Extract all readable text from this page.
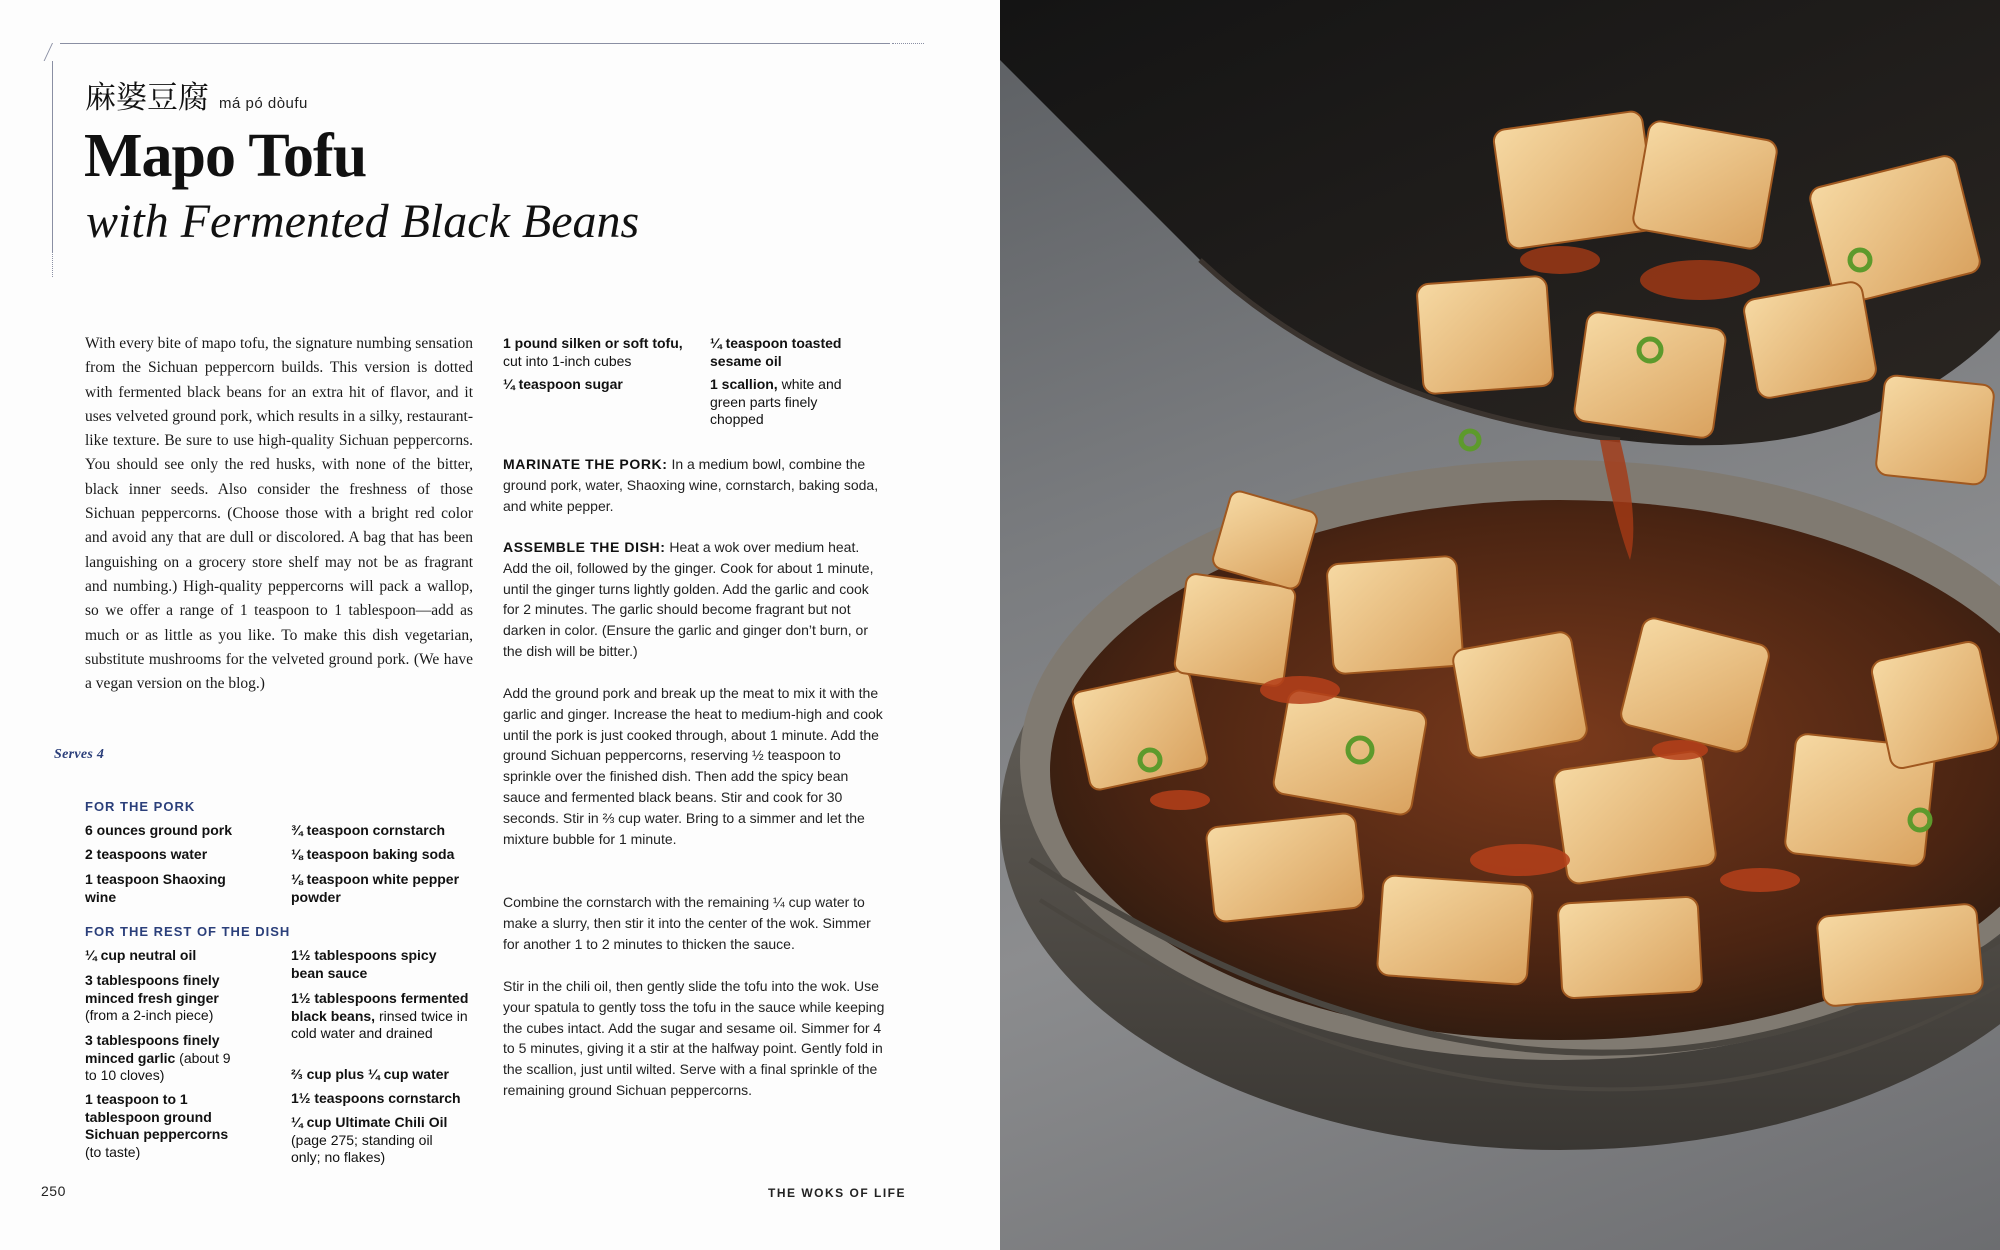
麻婆豆腐 má pó dòufu
Mapo Tofu
with Fermented Black Beans

With every bite of mapo tofu, the signature numbing sensation from the Sichuan peppercorn builds. This version is dotted with fermented black beans for an extra hit of flavor, and it uses velveted ground pork, which results in a silky, restaurant-like texture. Be sure to use high-quality Sichuan peppercorns. You should see only the red husks, with none of the bitter, black inner seeds. Also consider the freshness of those Sichuan peppercorns. (Choose those with a bright red color and avoid any that are dull or discolored. A bag that has been languishing on a grocery store shelf may not be as fragrant and numbing.) High-quality peppercorns will pack a wallop, so we offer a range of 1 teaspoon to 1 tablespoon—add as much or as little as you like. To make this dish vegetarian, substitute mushrooms for the velveted ground pork. (We have a vegan version on the blog.)

Serves 4
FOR THE PORK
6 ounces ground pork
2 teaspoons water
1 teaspoon Shaoxing wine
¾ teaspoon cornstarch
⅛ teaspoon baking soda
⅛ teaspoon white pepper powder
FOR THE REST OF THE DISH
¼ cup neutral oil
3 tablespoons finely minced fresh ginger (from a 2-inch piece)
3 tablespoons finely minced garlic (about 9 to 10 cloves)
1 teaspoon to 1 tablespoon ground Sichuan peppercorns (to taste)
1½ tablespoons spicy bean sauce
1½ tablespoons fermented black beans, rinsed twice in cold water and drained
⅔ cup plus ¼ cup water
1½ teaspoons cornstarch
¼ cup Ultimate Chili Oil (page 275; standing oil only; no flakes)
1 pound silken or soft tofu, cut into 1-inch cubes
¼ teaspoon sugar
¼ teaspoon toasted sesame oil
1 scallion, white and green parts finely chopped

MARINATE THE PORK: In a medium bowl, combine the ground pork, water, Shaoxing wine, cornstarch, baking soda, and white pepper.

ASSEMBLE THE DISH: Heat a wok over medium heat. Add the oil, followed by the ginger. Cook for about 1 minute, until the ginger turns lightly golden. Add the garlic and cook for 2 minutes. The garlic should become fragrant but not darken in color. (Ensure the garlic and ginger don’t burn, or the dish will be bitter.)

Add the ground pork and break up the meat to mix it with the garlic and ginger. Increase the heat to medium-high and cook until the pork is just cooked through, about 1 minute. Add the ground Sichuan peppercorns, reserving ½ teaspoon to sprinkle over the finished dish. Then add the spicy bean sauce and fermented black beans. Stir and cook for 30 seconds. Stir in ⅔ cup water. Bring to a simmer and let the mixture bubble for 1 minute.

Combine the cornstarch with the remaining ¼ cup water to make a slurry, then stir it into the center of the wok. Simmer for another 1 to 2 minutes to thicken the sauce.

Stir in the chili oil, then gently slide the tofu into the wok. Use your spatula to gently toss the tofu in the sauce while keeping the cubes intact. Add the sugar and sesame oil. Simmer for 4 to 5 minutes, giving it a stir at the halfway point. Gently fold in the scallion, just until wilted. Serve with a final sprinkle of the remaining ground Sichuan peppercorns.

250	THE WOKS OF LIFE
